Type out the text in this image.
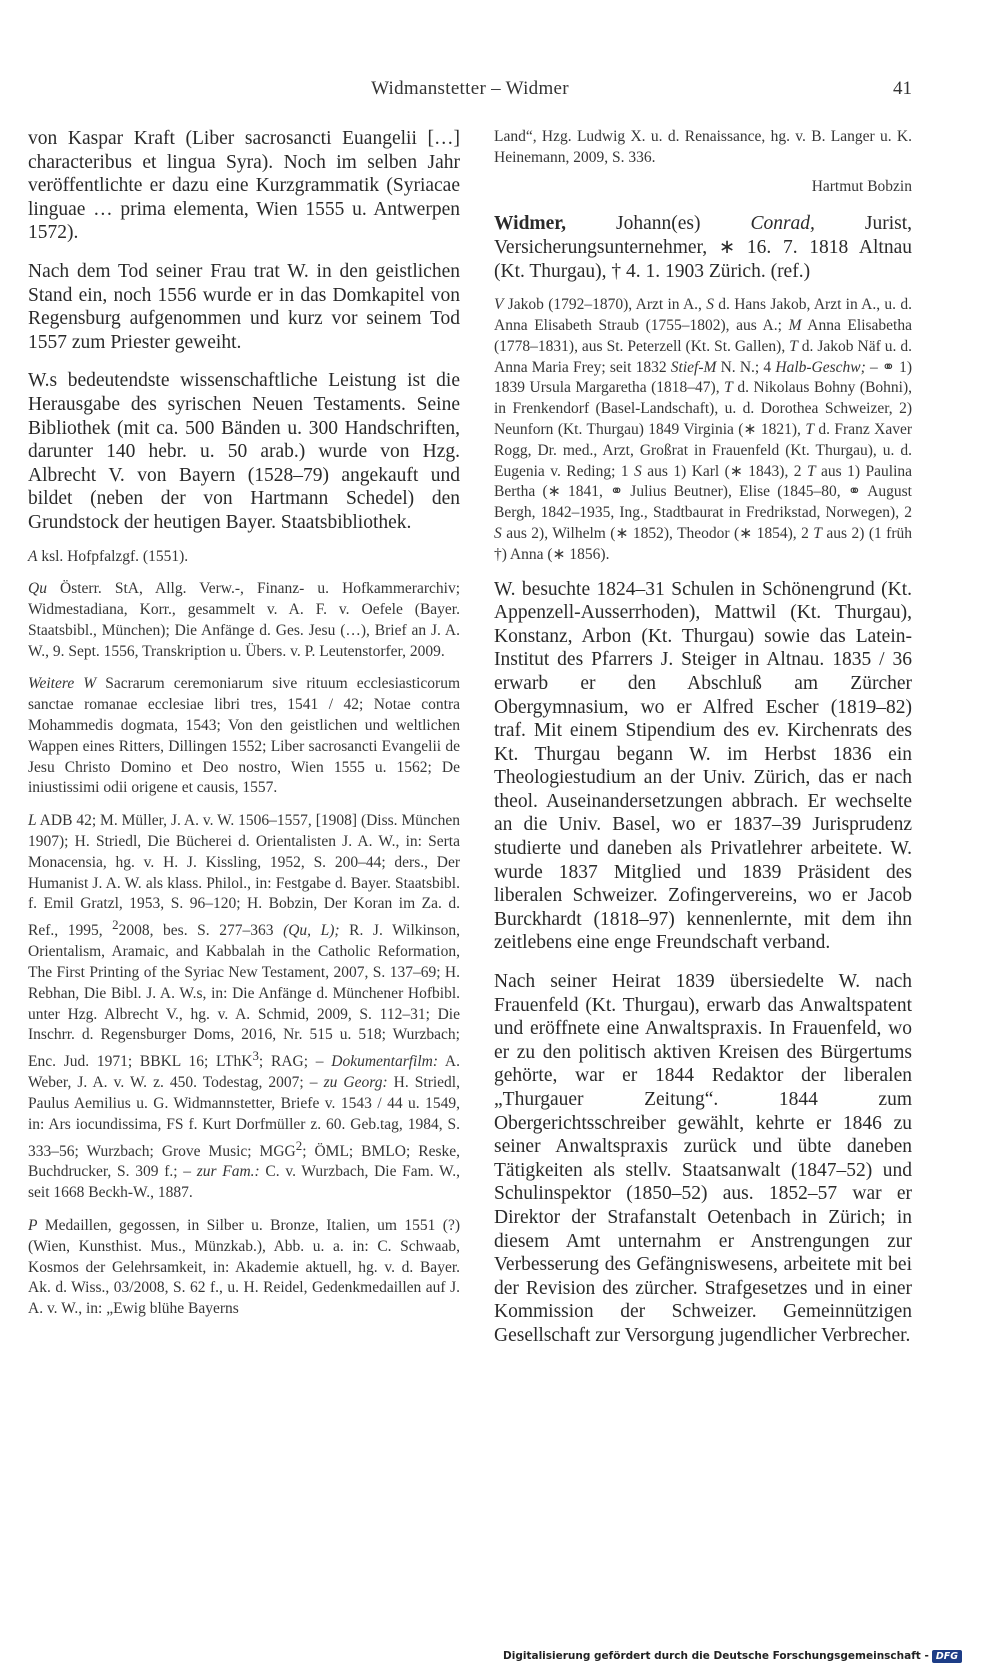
Widmanstetter – Widmer	41

von Kaspar Kraft (Liber sacrosancti Euangelii […] characteribus et lingua Syra). Noch im selben Jahr veröffentlichte er dazu eine Kurzgrammatik (Syriacae linguae … prima elementa, Wien 1555 u. Antwerpen 1572).

Nach dem Tod seiner Frau trat W. in den geistlichen Stand ein, noch 1556 wurde er in das Domkapitel von Regensburg aufgenommen und kurz vor seinem Tod 1557 zum Priester geweiht.

W.s bedeutendste wissenschaftliche Leistung ist die Herausgabe des syrischen Neuen Testaments. Seine Bibliothek (mit ca. 500 Bänden u. 300 Handschriften, darunter 140 hebr. u. 50 arab.) wurde von Hzg. Albrecht V. von Bayern (1528–79) angekauft und bildet (neben der von Hartmann Schedel) den Grundstock der heutigen Bayer. Staatsbibliothek.

A ksl. Hofpfalzgf. (1551).

Qu Österr. StA, Allg. Verw.-, Finanz- u. Hofkammerarchiv; Widmestadiana, Korr., gesammelt v. A. F. v. Oefele (Bayer. Staatsbibl., München); Die Anfänge d. Ges. Jesu (…), Brief an J. A. W., 9. Sept. 1556, Transkription u. Übers. v. P. Leutenstorfer, 2009.

Weitere W Sacrarum ceremoniarum sive rituum ecclesiasticorum sanctae romanae ecclesiae libri tres, 1541 / 42; Notae contra Mohammedis dogmata, 1543; Von den geistlichen und weltlichen Wappen eines Ritters, Dillingen 1552; Liber sacrosancti Evangelii de Jesu Christo Domino et Deo nostro, Wien 1555 u. 1562; De iniustissimi odii origene et causis, 1557.

L ADB 42; M. Müller, J. A. v. W. 1506–1557, [1908] (Diss. München 1907); H. Striedl, Die Bücherei d. Orientalisten J. A. W., in: Serta Monacensia, hg. v. H. J. Kissling, 1952, S. 200–44; ders., Der Humanist J. A. W. als klass. Philol., in: Festgabe d. Bayer. Staatsbibl. f. Emil Gratzl, 1953, S. 96–120; H. Bobzin, Der Koran im Za. d. Ref., 1995, $^2$2008, bes. S. 277–363 (Qu, L); R. J. Wilkinson, Orientalism, Aramaic, and Kabbalah in the Catholic Reformation, The First Printing of the Syriac New Testament, 2007, S. 137–69; H. Rebhan, Die Bibl. J. A. W.s, in: Die Anfänge d. Münchener Hofbibl. unter Hzg. Albrecht V., hg. v. A. Schmid, 2009, S. 112–31; Die Inschrr. d. Regensburger Doms, 2016, Nr. 515 u. 518; Wurzbach; Enc. Jud. 1971; BBKL 16; LThK$^3$; RAG; – Dokumentarfilm: A. Weber, J. A. v. W. z. 450. Todestag, 2007; – zu Georg: H. Striedl, Paulus Aemilius u. G. Widmannstetter, Briefe v. 1543 / 44 u. 1549, in: Ars iocundissima, FS f. Kurt Dorfmüller z. 60. Geb.tag, 1984, S. 333–56; Wurzbach; Grove Music; MGG$^2$; ÖML; BMLO; Reske, Buchdrucker, S. 309 f.; – zur Fam.: C. v. Wurzbach, Die Fam. W., seit 1668 Beckh-W., 1887.

P Medaillen, gegossen, in Silber u. Bronze, Italien, um 1551 (?) (Wien, Kunsthist. Mus., Münzkab.), Abb. u. a. in: C. Schwaab, Kosmos der Gelehrsamkeit, in: Akademie aktuell, hg. v. d. Bayer. Ak. d. Wiss., 03/2008, S. 62 f., u. H. Reidel, Gedenkmedaillen auf J. A. v. W., in: „Ewig blühe Bayerns

Land“, Hzg. Ludwig X. u. d. Renaissance, hg. v. B. Langer u. K. Heinemann, 2009, S. 336.

Hartmut Bobzin

Widmer, Johann(es) Conrad, Jurist, Versicherungsunternehmer, ∗ 16. 7. 1818 Altnau (Kt. Thurgau), † 4. 1. 1903 Zürich. (ref.)

V Jakob (1792–1870), Arzt in A., S d. Hans Jakob, Arzt in A., u. d. Anna Elisabeth Straub (1755–1802), aus A.; M Anna Elisabetha (1778–1831), aus St. Peterzell (Kt. St. Gallen), T d. Jakob Näf u. d. Anna Maria Frey; seit 1832 Stief-M N. N.; 4 Halb-Geschw; – ⚭ 1) 1839 Ursula Margaretha (1818–47), T d. Nikolaus Bohny (Bohni), in Frenkendorf (Basel-Landschaft), u. d. Dorothea Schweizer, 2) Neunforn (Kt. Thurgau) 1849 Virginia (∗ 1821), T d. Franz Xaver Rogg, Dr. med., Arzt, Großrat in Frauenfeld (Kt. Thurgau), u. d. Eugenia v. Reding; 1 S aus 1) Karl (∗ 1843), 2 T aus 1) Paulina Bertha (∗ 1841, ⚭ Julius Beutner), Elise (1845–80, ⚭ August Bergh, 1842–1935, Ing., Stadtbaurat in Fredrikstad, Norwegen), 2 S aus 2), Wilhelm (∗ 1852), Theodor (∗ 1854), 2 T aus 2) (1 früh †) Anna (∗ 1856).

W. besuchte 1824–31 Schulen in Schönengrund (Kt. Appenzell-Ausserrhoden), Mattwil (Kt. Thurgau), Konstanz, Arbon (Kt. Thurgau) sowie das Latein-Institut des Pfarrers J. Steiger in Altnau. 1835 / 36 erwarb er den Abschluß am Zürcher Obergymnasium, wo er Alfred Escher (1819–82) traf. Mit einem Stipendium des ev. Kirchenrats des Kt. Thurgau begann W. im Herbst 1836 ein Theologiestudium an der Univ. Zürich, das er nach theol. Auseinandersetzungen abbrach. Er wechselte an die Univ. Basel, wo er 1837–39 Jurisprudenz studierte und daneben als Privatlehrer arbeitete. W. wurde 1837 Mitglied und 1839 Präsident des liberalen Schweizer. Zofingervereins, wo er Jacob Burckhardt (1818–97) kennenlernte, mit dem ihn zeitlebens eine enge Freundschaft verband.

Nach seiner Heirat 1839 übersiedelte W. nach Frauenfeld (Kt. Thurgau), erwarb das Anwaltspatent und eröffnete eine Anwaltspraxis. In Frauenfeld, wo er zu den politisch aktiven Kreisen des Bürgertums gehörte, war er 1844 Redaktor der liberalen „Thurgauer Zeitung“. 1844 zum Obergerichtsschreiber gewählt, kehrte er 1846 zu seiner Anwaltspraxis zurück und übte daneben Tätigkeiten als stellv. Staatsanwalt (1847–52) und Schulinspektor (1850–52) aus. 1852–57 war er Direktor der Strafanstalt Oetenbach in Zürich; in diesem Amt unternahm er Anstrengungen zur Verbesserung des Gefängniswesens, arbeitete mit bei der Revision des zürcher. Strafgesetzes und in einer Kommission der Schweizer. Gemeinnützigen Gesellschaft zur Versorgung jugendlicher Verbrecher.

Digitalisierung gefördert durch die Deutsche Forschungsgemeinschaft - DFG
